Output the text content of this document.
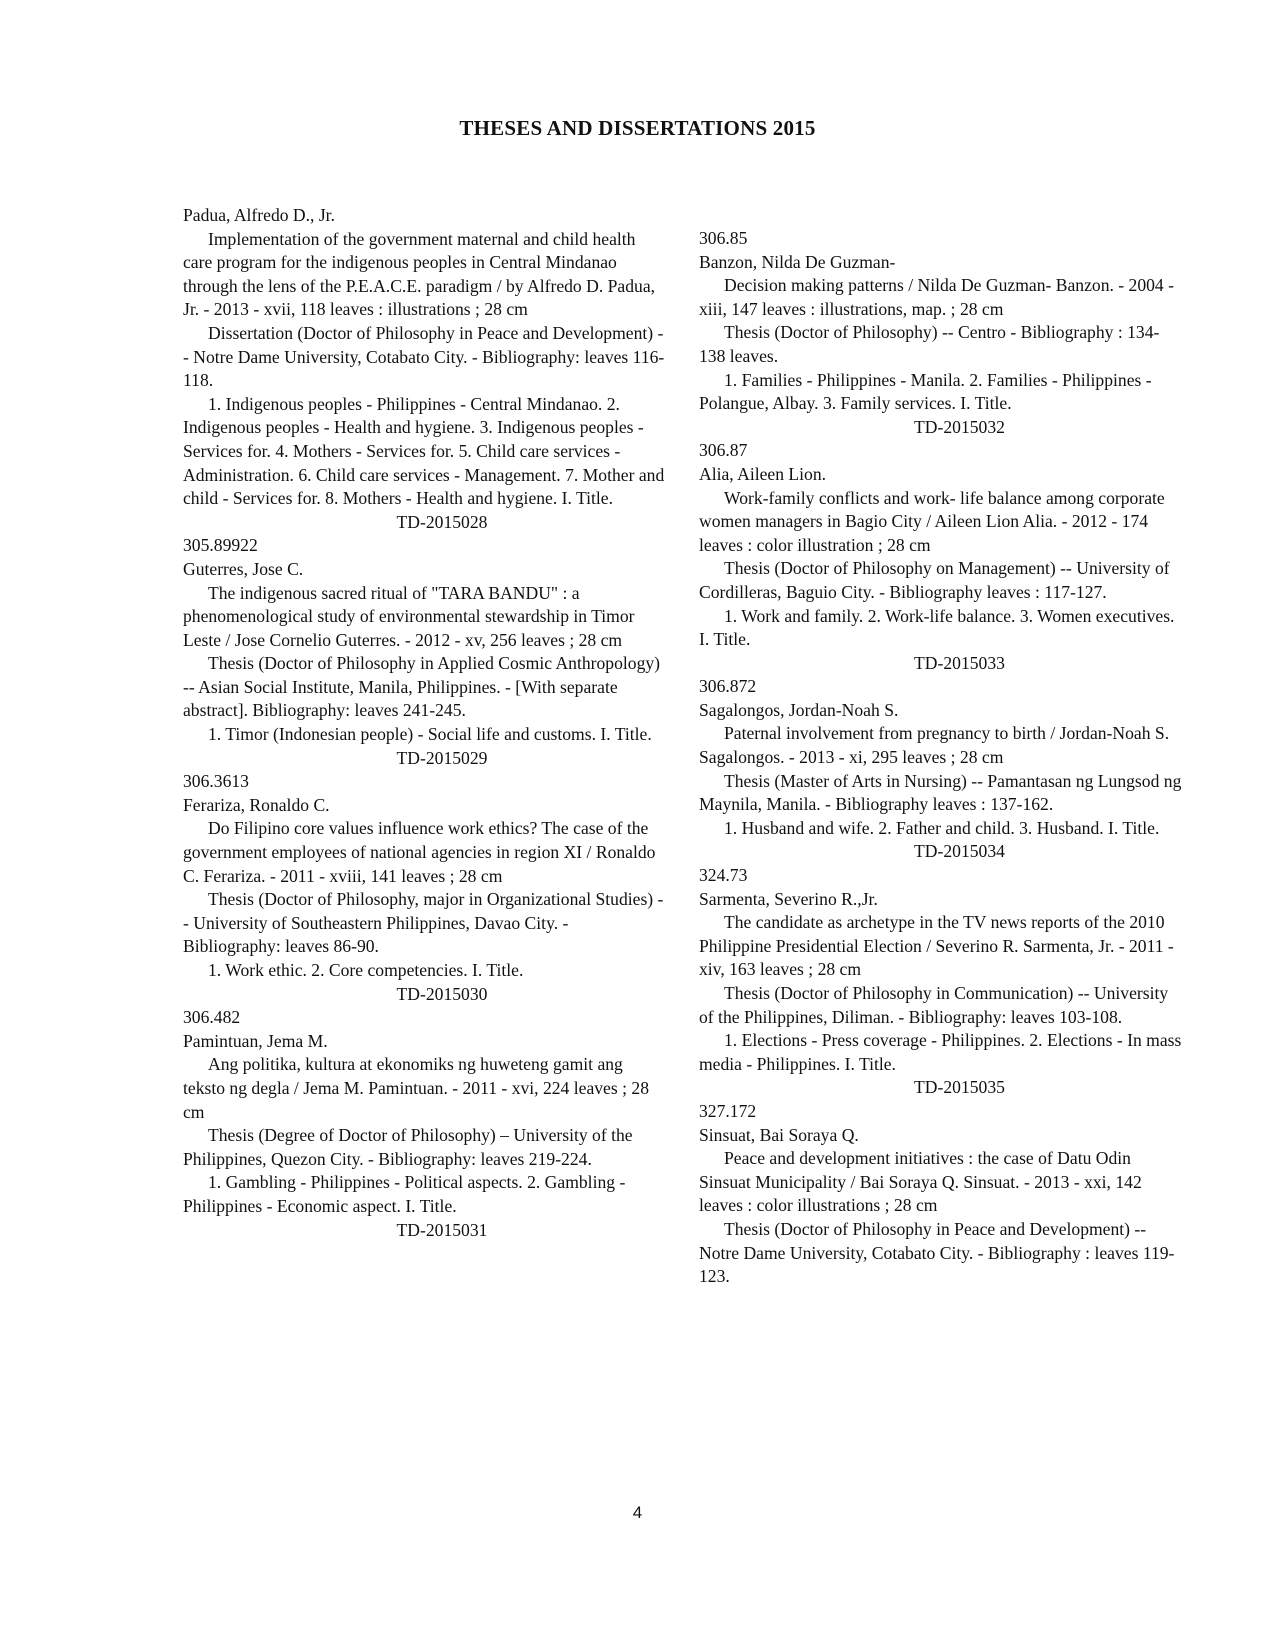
THESES AND DISSERTATIONS 2015
Padua, Alfredo D., Jr.
Implementation of the government maternal and child health care program for the indigenous peoples in Central Mindanao through the lens of the P.E.A.C.E. paradigm / by Alfredo D. Padua, Jr. - 2013 - xvii, 118 leaves : illustrations ; 28 cm
Dissertation (Doctor of Philosophy in Peace and Development) -- Notre Dame University, Cotabato City. - Bibliography: leaves 116-118.
1. Indigenous peoples - Philippines - Central Mindanao. 2. Indigenous peoples - Health and hygiene. 3. Indigenous peoples - Services for. 4. Mothers - Services for. 5. Child care services - Administration. 6. Child care services - Management. 7. Mother and child - Services for. 8. Mothers - Health and hygiene. I. Title.
TD-2015028
305.89922
Guterres, Jose C.
The indigenous sacred ritual of "TARA BANDU" : a phenomenological study of environmental stewardship in Timor Leste / Jose Cornelio Guterres. - 2012 - xv, 256 leaves ; 28 cm
Thesis (Doctor of Philosophy in Applied Cosmic Anthropology) -- Asian Social Institute, Manila, Philippines. - [With separate abstract]. Bibliography: leaves 241-245.
1. Timor (Indonesian people) - Social life and customs. I. Title.
TD-2015029
306.3613
Ferariza, Ronaldo C.
Do Filipino core values influence work ethics? The case of the government employees of national agencies in region XI / Ronaldo C. Ferariza. - 2011 - xviii, 141 leaves ; 28 cm
Thesis (Doctor of Philosophy, major in Organizational Studies) -- University of Southeastern Philippines, Davao City. - Bibliography: leaves 86-90.
1. Work ethic. 2. Core competencies. I. Title.
TD-2015030
306.482
Pamintuan, Jema M.
Ang politika, kultura at ekonomiks ng huweteng gamit ang teksto ng degla / Jema M. Pamintuan. - 2011 - xvi, 224 leaves ; 28 cm
Thesis (Degree of Doctor of Philosophy) – University of the Philippines, Quezon City. - Bibliography: leaves 219-224.
1. Gambling - Philippines - Political aspects. 2. Gambling - Philippines - Economic aspect. I. Title.
TD-2015031
306.85
Banzon, Nilda De Guzman-
Decision making patterns / Nilda De Guzman- Banzon. - 2004 - xiii, 147 leaves : illustrations, map. ; 28 cm
Thesis (Doctor of Philosophy) -- Centro - Bibliography : 134-138 leaves.
1. Families - Philippines - Manila. 2. Families - Philippines - Polangue, Albay. 3. Family services. I. Title.
TD-2015032
306.87
Alia, Aileen Lion.
Work-family conflicts and work- life balance among corporate women managers in Bagio City / Aileen Lion Alia. - 2012 - 174 leaves : color illustration ; 28 cm
Thesis (Doctor of Philosophy on Management) -- University of Cordilleras, Baguio City. - Bibliography leaves : 117-127.
1. Work and family. 2. Work-life balance. 3. Women executives. I. Title.
TD-2015033
306.872
Sagalongos, Jordan-Noah S.
Paternal involvement from pregnancy to birth / Jordan-Noah S. Sagalongos. - 2013 - xi, 295 leaves ; 28 cm
Thesis (Master of Arts in Nursing) -- Pamantasan ng Lungsod ng Maynila, Manila. - Bibliography leaves : 137-162.
1. Husband and wife. 2. Father and child. 3. Husband. I. Title.
TD-2015034
324.73
Sarmenta, Severino R.,Jr.
The candidate as archetype in the TV news reports of the 2010 Philippine Presidential Election / Severino R. Sarmenta, Jr. - 2011 - xiv, 163 leaves ; 28 cm
Thesis (Doctor of Philosophy in Communication) -- University of the Philippines, Diliman. - Bibliography: leaves 103-108.
1. Elections - Press coverage - Philippines. 2. Elections - In mass media - Philippines. I. Title.
TD-2015035
327.172
Sinsuat, Bai Soraya Q.
Peace and development initiatives : the case of Datu Odin Sinsuat Municipality / Bai Soraya Q. Sinsuat. - 2013 - xxi, 142 leaves : color illustrations ; 28 cm
Thesis (Doctor of Philosophy in Peace and Development) -- Notre Dame University, Cotabato City. - Bibliography : leaves 119-123.
4
